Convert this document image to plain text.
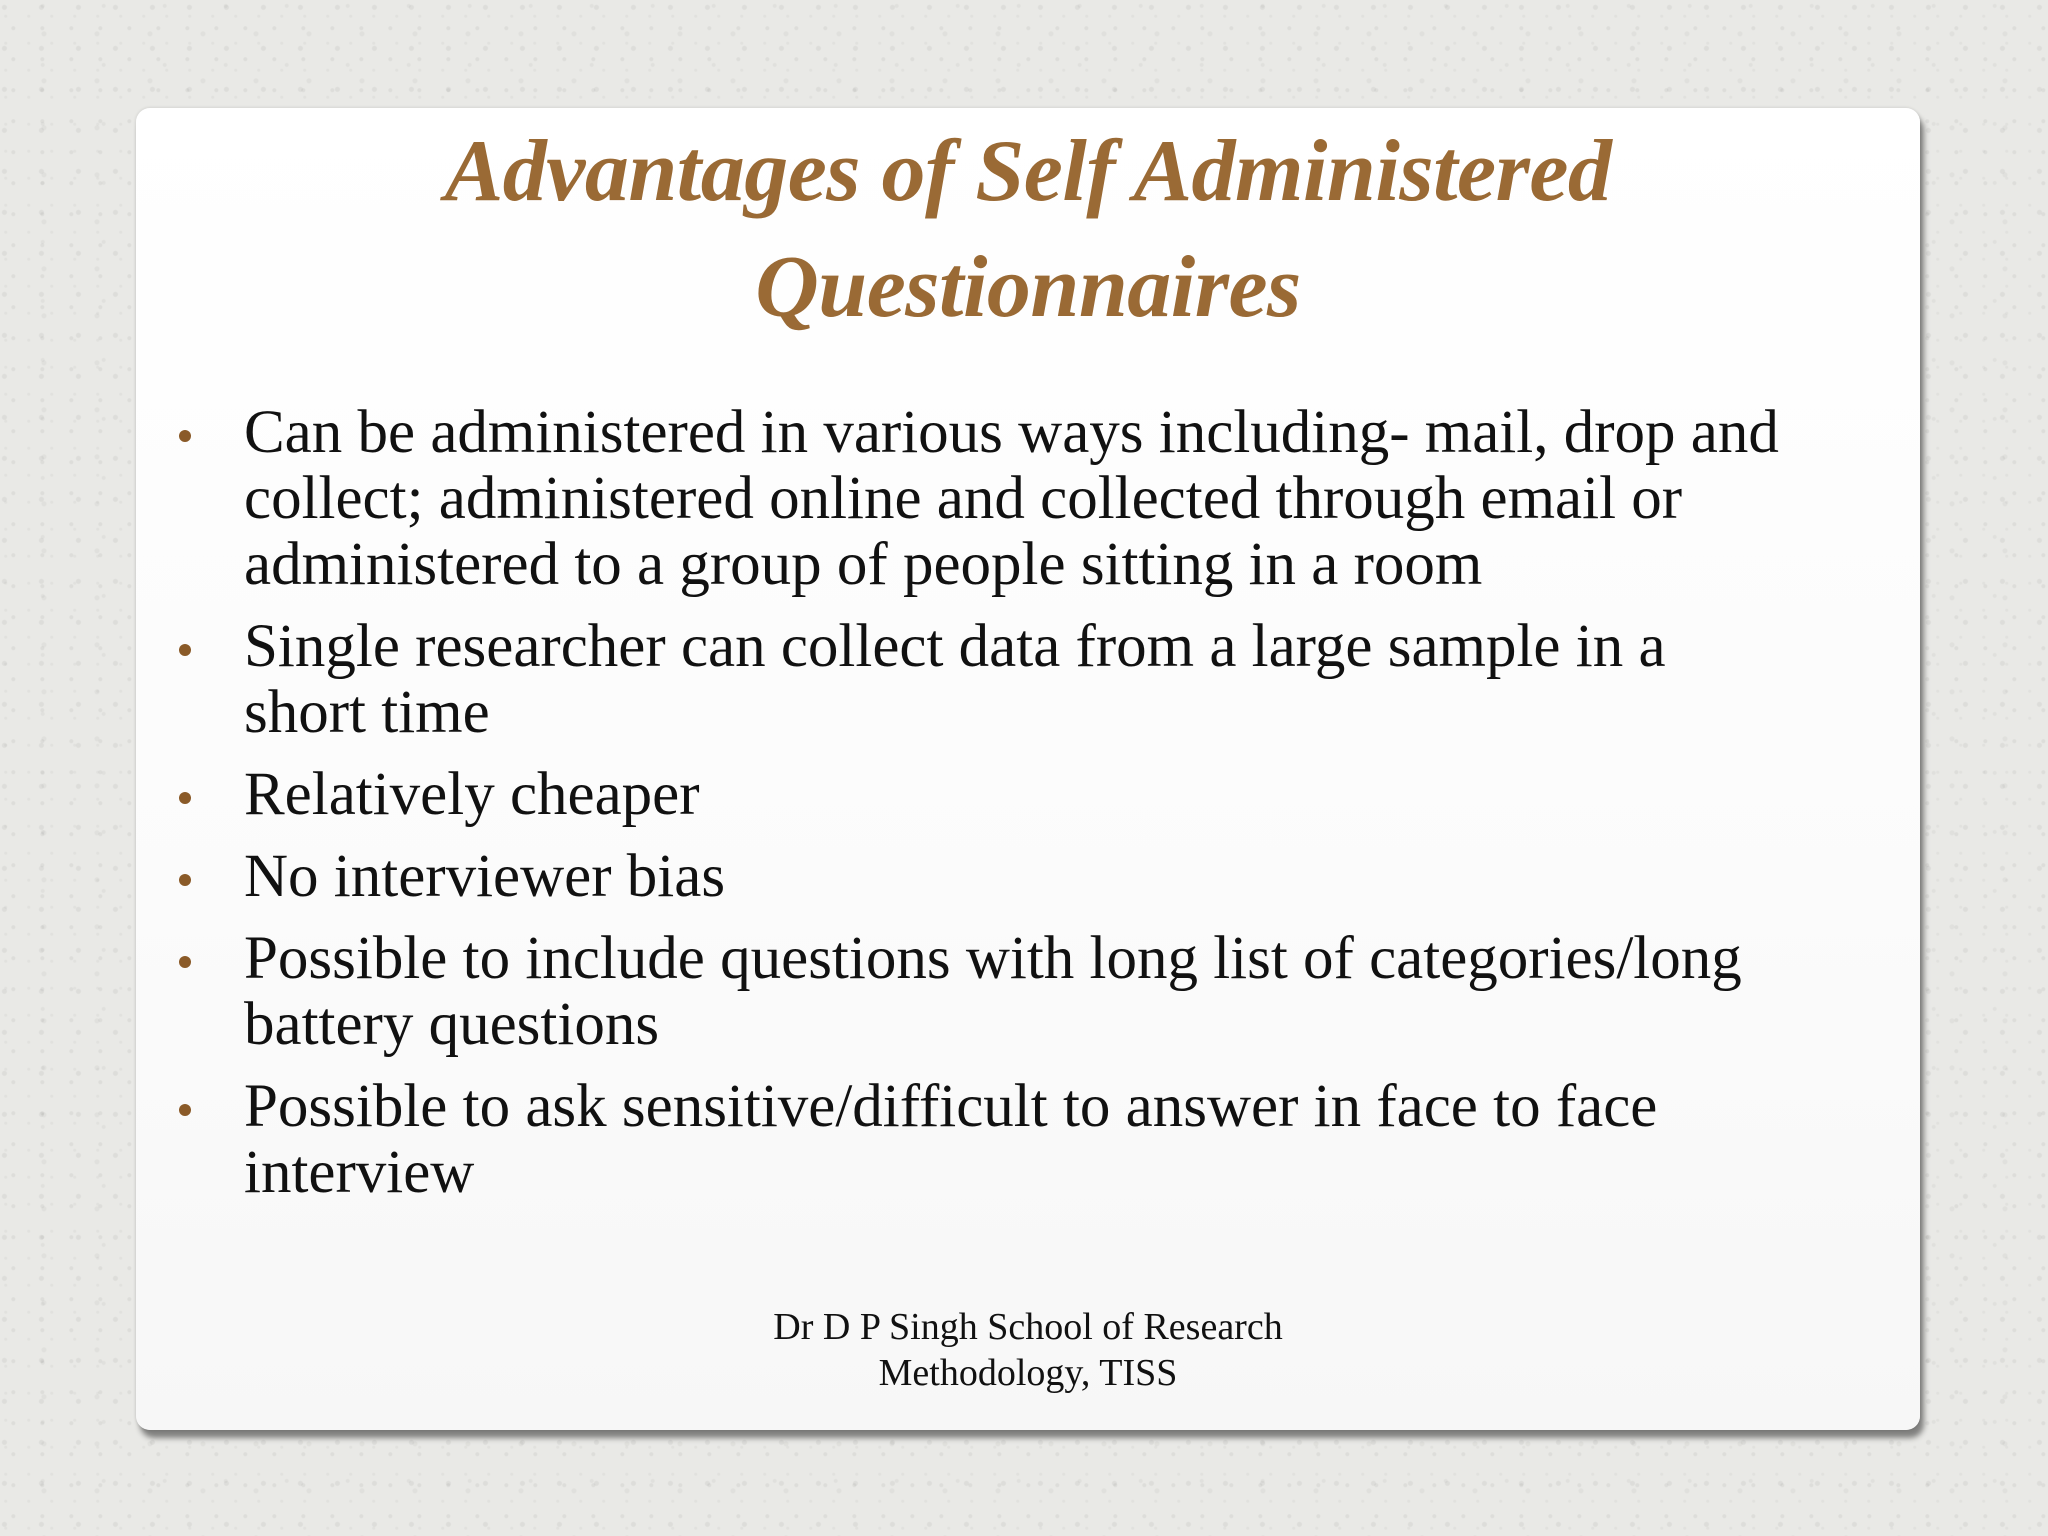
Advantages of Self Administered
Questionnaires
Can be administered in various ways including- mail, drop and
collect; administered online and collected through email or
administered to a group of people sitting in a room
Single researcher can collect data from a large sample in a
short time
Relatively cheaper
No interviewer bias
Possible to include questions with long list of categories/long
battery questions
Possible to ask sensitive/difficult to answer in face to face
interview
Dr D P Singh School of Research
Methodology, TISS
